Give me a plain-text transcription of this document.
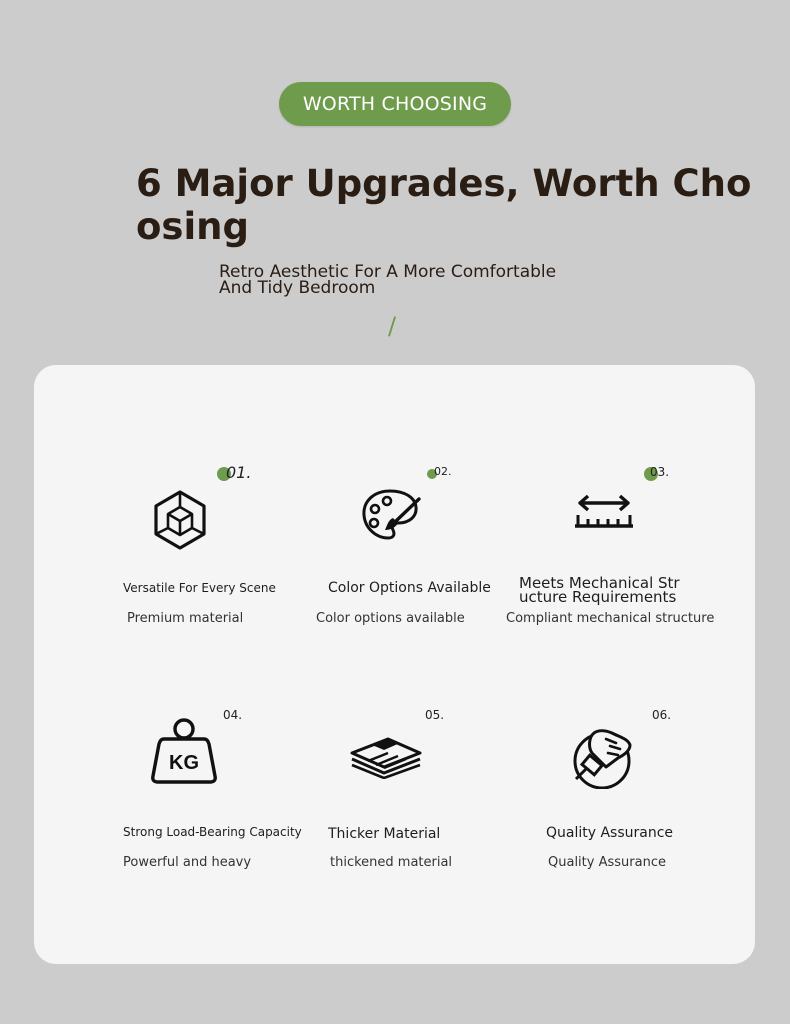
WORTH CHOOSING
6 Major Upgrades, Worth Choosing

Retro Aesthetic For A More Comfortable And Tidy Bedroom

/
01.
Versatile For Every Scene
Premium material
02.
Color Options Available
Color options available
03.
Meets Mechanical Structure Requirements
Compliant mechanical structure
04.
KG
Strong Load-Bearing Capacity
Powerful and heavy
05.
Thicker Material
thickened material
06.
Quality Assurance
Quality Assurance
